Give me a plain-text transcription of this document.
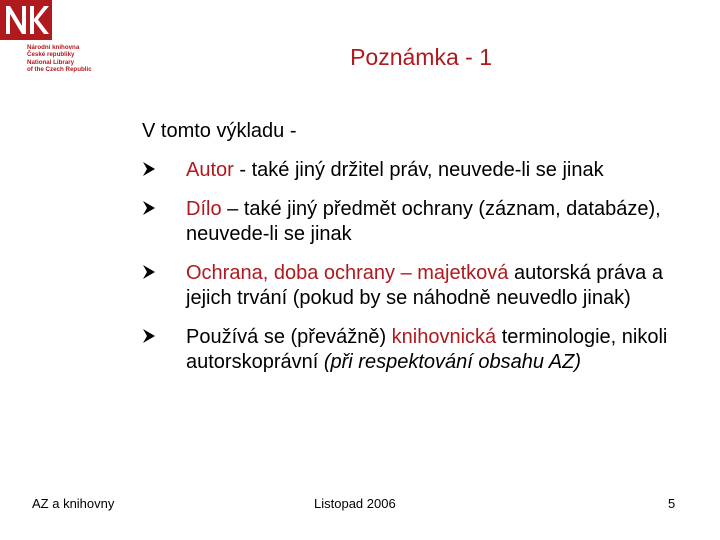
Národní knihovna
České republiky
National Library
of the Czech Republic	Poznámka - 1
V tomto výkladu -
Autor - také jiný držitel práv, neuvede-li se jinak
Dílo – také jiný předmět ochrany (záznam, databáze), neuvede-li se jinak
Ochrana, doba ochrany – majetková autorská práva a jejich trvání (pokud by se náhodně neuvedlo jinak)
Používá se (převážně) knihovnická terminologie, nikoli autorskoprávní (při respektování obsahu AZ)
AZ a knihovny	Listopad 2006	5
